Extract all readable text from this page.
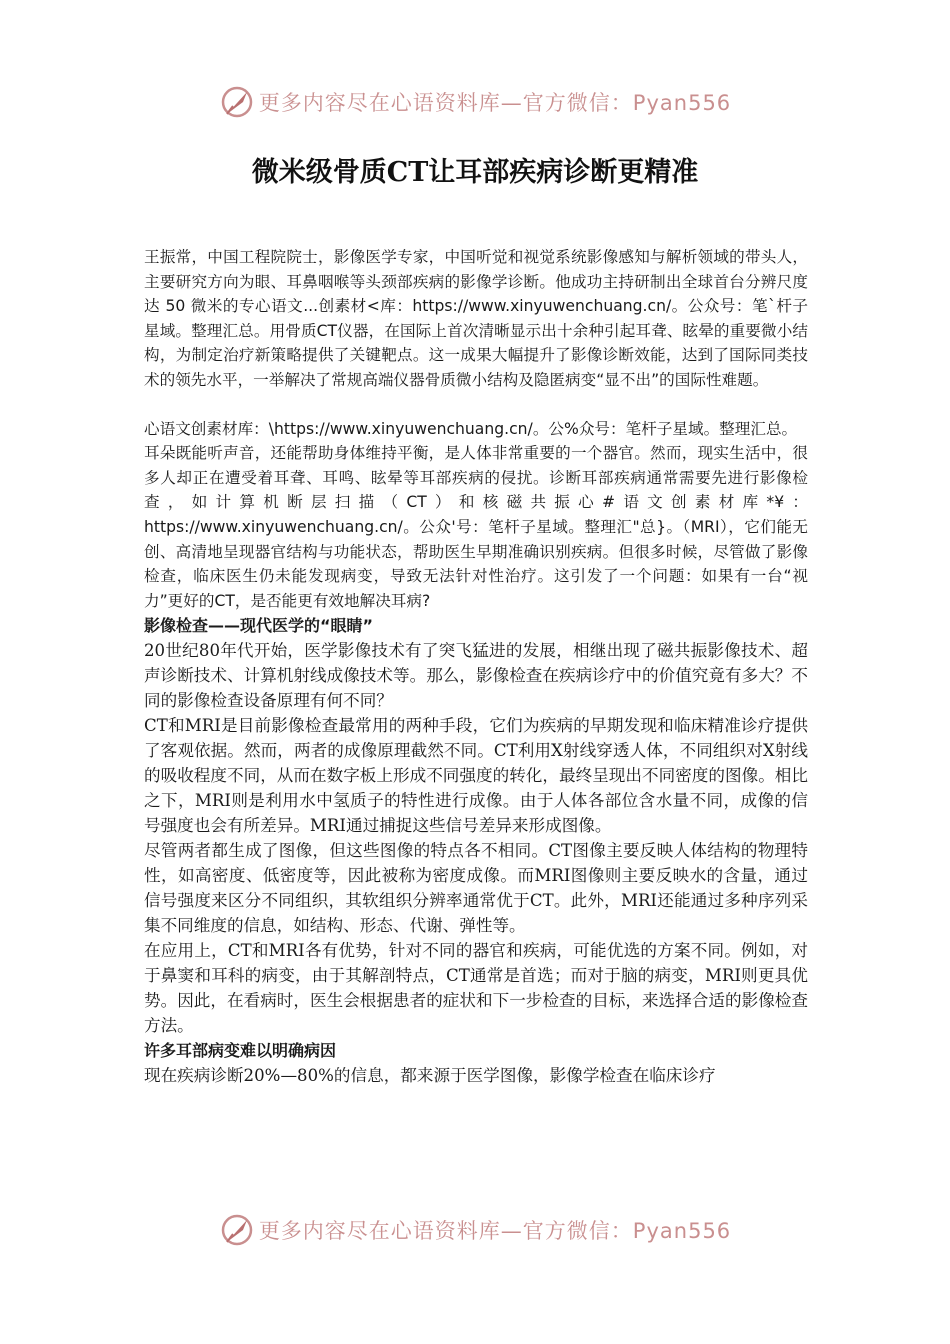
更多内容尽在心语资料库—官方微信：Pyan556
微米级骨质CT让耳部疾病诊断更精准

王振常，中国工程院院士，影像医学专家，中国听觉和视觉系统影像感知与解析领域的带头人，主要研究方向为眼、耳鼻咽喉等头颈部疾病的影像学诊断。他成功主持研制出全球首台分辨尺度达 50 微米的专心语文...创素材<库：https://www.xinyuwenchuang.cn/。公众号：笔`杆子星域。整理汇总。用骨质CT仪器，在国际上首次清晰显示出十余种引起耳聋、眩晕的重要微小结构，为制定治疗新策略提供了关键靶点。这一成果大幅提升了影像诊断效能，达到了国际同类技术的领先水平，一举解决了常规高端仪器骨质微小结构及隐匿病变“显不出”的国际性难题。

心语文创素材库：\https://www.xinyuwenchuang.cn/。公%众号：笔杆子星域。整理汇总。

耳朵既能听声音，还能帮助身体维持平衡，是人体非常重要的一个器官。然而，现实生活中，很多人却正在遭受着耳聋、耳鸣、眩晕等耳部疾病的侵扰。诊断耳部疾病通常需要先进行影像检查，如计算机断层扫描（CT）和核磁共振心#语文创素材库*¥：https://www.xinyuwenchuang.cn/。公众'号：笔杆子星域。整理汇"总}。（MRI），它们能无创、高清地呈现器官结构与功能状态，帮助医生早期准确识别疾病。但很多时候，尽管做了影像检查，临床医生仍未能发现病变，导致无法针对性治疗。这引发了一个问题：如果有一台“视力”更好的CT，是否能更有效地解决耳病?

影像检查——现代医学的“眼睛”

20世纪80年代开始，医学影像技术有了突飞猛进的发展，相继出现了磁共振影像技术、超声诊断技术、计算机射线成像技术等。那么，影像检查在疾病诊疗中的价值究竟有多大？不同的影像检查设备原理有何不同？

CT和MRI是目前影像检查最常用的两种手段，它们为疾病的早期发现和临床精准诊疗提供了客观依据。然而，两者的成像原理截然不同。CT利用X射线穿透人体，不同组织对X射线的吸收程度不同，从而在数字板上形成不同强度的转化，最终呈现出不同密度的图像。相比之下，MRI则是利用水中氢质子的特性进行成像。由于人体各部位含水量不同，成像的信号强度也会有所差异。MRI通过捕捉这些信号差异来形成图像。

尽管两者都生成了图像，但这些图像的特点各不相同。CT图像主要反映人体结构的物理特性，如高密度、低密度等，因此被称为密度成像。而MRI图像则主要反映水的含量，通过信号强度来区分不同组织，其软组织分辨率通常优于CT。此外，MRI还能通过多种序列采集不同维度的信息，如结构、形态、代谢、弹性等。

在应用上，CT和MRI各有优势，针对不同的器官和疾病，可能优选的方案不同。例如，对于鼻窦和耳科的病变，由于其解剖特点，CT通常是首选；而对于脑的病变，MRI则更具优势。因此，在看病时，医生会根据患者的症状和下一步检查的目标，来选择合适的影像检查方法。

许多耳部病变难以明确病因

现在疾病诊断20%—80%的信息，都来源于医学图像，影像学检查在临床诊疗

更多内容尽在心语资料库—官方微信：Pyan556
